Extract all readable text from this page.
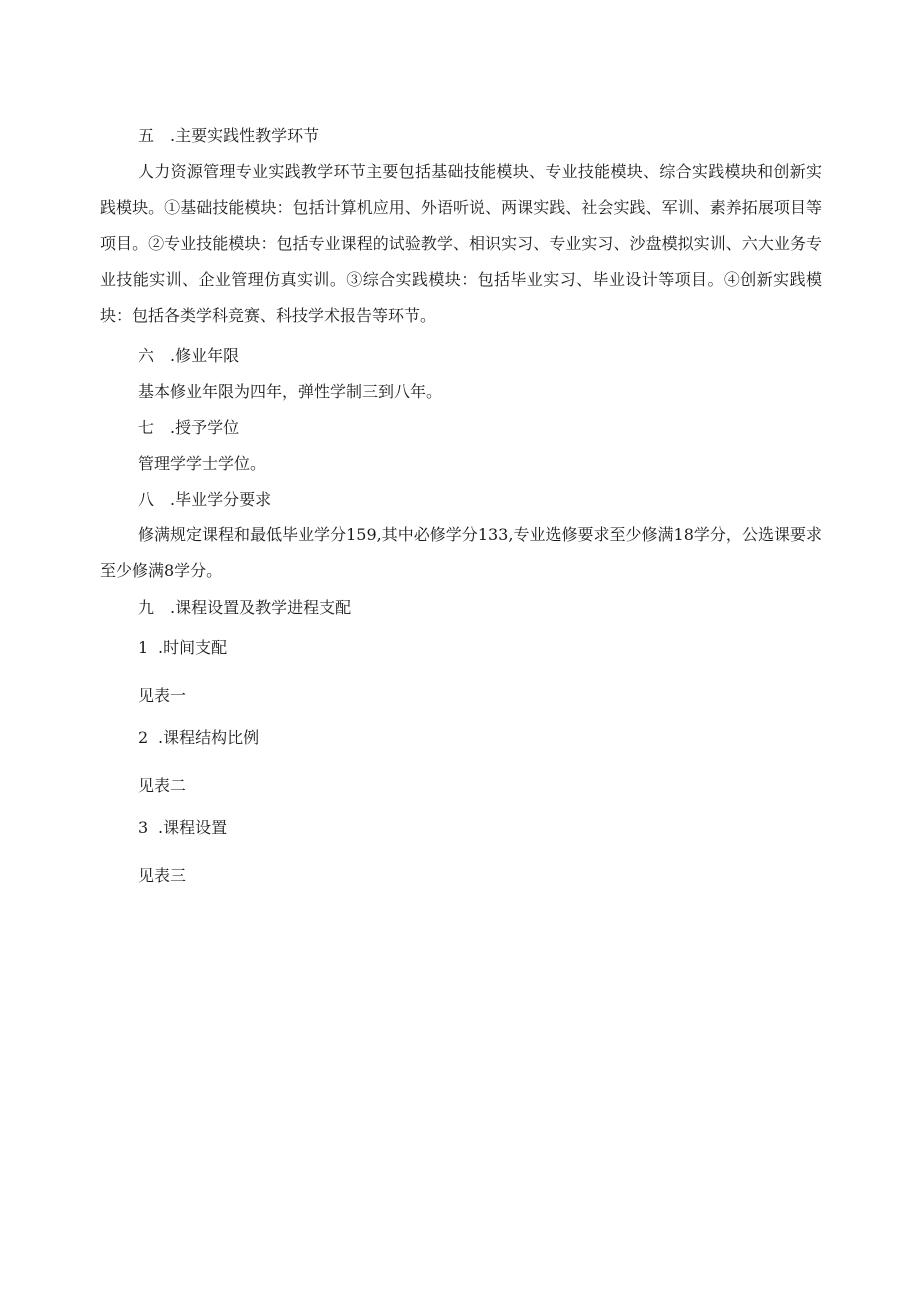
五 .主要实践性教学环节
人力资源管理专业实践教学环节主要包括基础技能模块、专业技能模块、综合实践模块和创新实践模块。①基础技能模块：包括计算机应用、外语听说、两课实践、社会实践、军训、素养拓展项目等项目。②专业技能模块：包括专业课程的试验教学、相识实习、专业实习、沙盘模拟实训、六大业务专业技能实训、企业管理仿真实训。③综合实践模块：包括毕业实习、毕业设计等项目。④创新实践模块：包括各类学科竞赛、科技学术报告等环节。
六 .修业年限
基本修业年限为四年，弹性学制三到八年。
七 .授予学位
管理学学士学位。
八 .毕业学分要求
修满规定课程和最低毕业学分159,其中必修学分133,专业选修要求至少修满18学分，公选课要求至少修满8学分。
九 .课程设置及教学进程支配
1 .时间支配
见表一
2 .课程结构比例
见表二
3 .课程设置
见表三
